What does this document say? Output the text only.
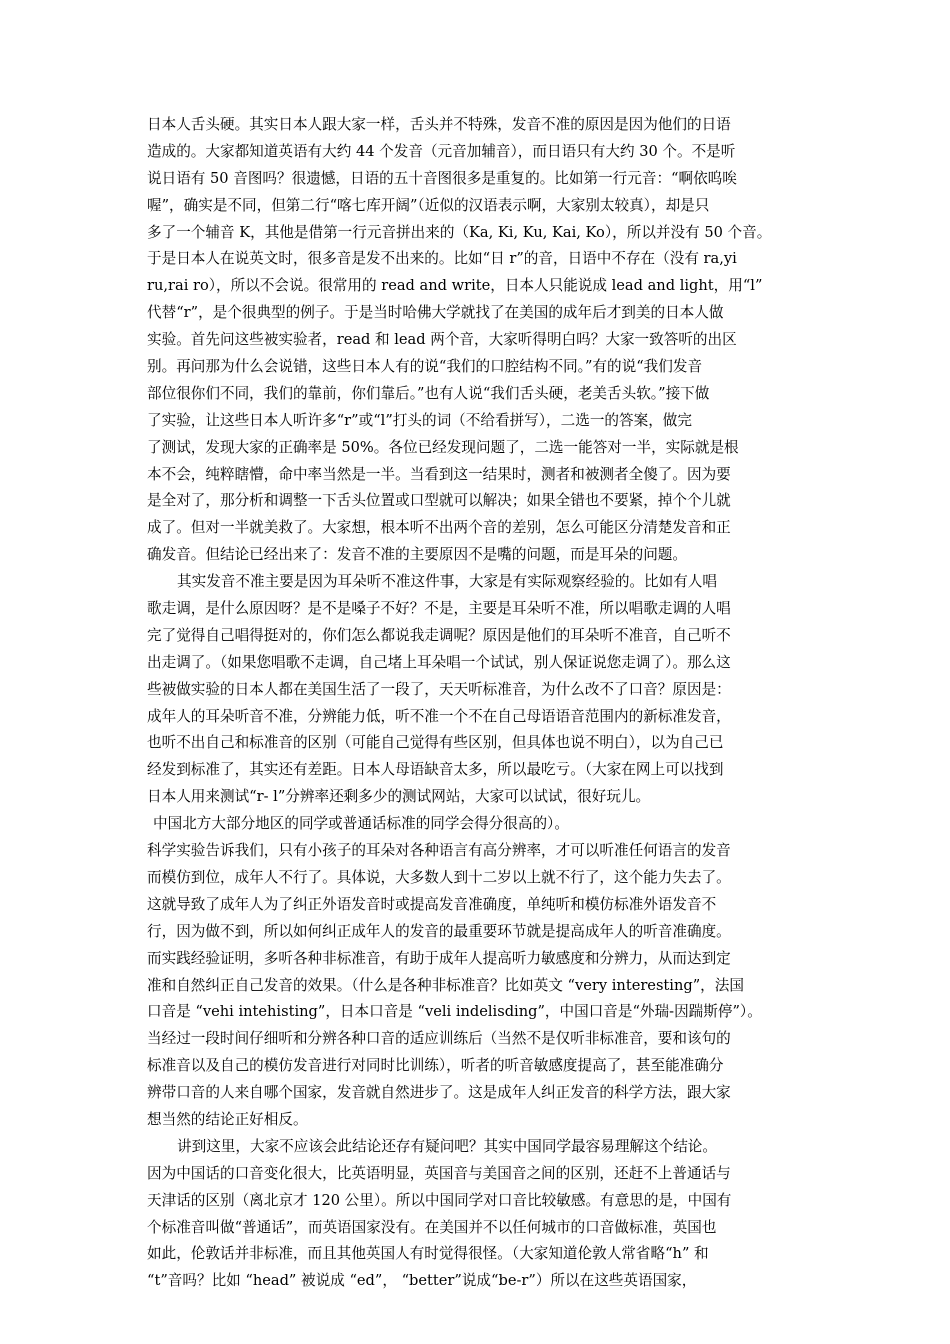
日本人舌头硬。其实日本人跟大家一样，舌头并不特殊，发音不准的原因是因为他们的日语
造成的。大家都知道英语有大约 44 个发音（元音加辅音），而日语只有大约 30 个。不是听
说日语有 50 音图吗？很遗憾，日语的五十音图很多是重复的。比如第一行元音：“啊依呜唉
喔”，确实是不同，但第二行“喀七库开阔”（近似的汉语表示啊，大家别太较真），却是只
多了一个辅音 K，其他是借第一行元音拼出来的（Ka, Ki, Ku, Kai, Ko），所以并没有 50 个音。
于是日本人在说英文时，很多音是发不出来的。比如“日 r”的音，日语中不存在（没有 ra,yi
ru,rai ro），所以不会说。很常用的 read and write，日本人只能说成 lead and light，用“l”
代替“r”，是个很典型的例子。于是当时哈佛大学就找了在美国的成年后才到美的日本人做
实验。首先问这些被实验者，read 和 lead 两个音，大家听得明白吗？大家一致答听的出区
别。再问那为什么会说错，这些日本人有的说“我们的口腔结构不同。”有的说“我们发音
部位很你们不同，我们的靠前，你们靠后。”也有人说“我们舌头硬，老美舌头软。”接下做
了实验，让这些日本人听许多“r”或“l”打头的词（不给看拼写），二选一的答案，做完
了测试，发现大家的正确率是 50%。各位已经发现问题了，二选一能答对一半，实际就是根
本不会，纯粹瞎懵，命中率当然是一半。当看到这一结果时，测者和被测者全傻了。因为要
是全对了，那分析和调整一下舌头位置或口型就可以解决；如果全错也不要紧，掉个个儿就
成了。但对一半就美救了。大家想，根本听不出两个音的差别，怎么可能区分清楚发音和正
确发音。但结论已经出来了：发音不准的主要原因不是嘴的问题，而是耳朵的问题。
其实发音不准主要是因为耳朵听不准这件事，大家是有实际观察经验的。比如有人唱
歌走调，是什么原因呀？是不是嗓子不好？不是，主要是耳朵听不准，所以唱歌走调的人唱
完了觉得自己唱得挺对的，你们怎么都说我走调呢？原因是他们的耳朵听不准音，自己听不
出走调了。（如果您唱歌不走调，自己堵上耳朵唱一个试试，别人保证说您走调了）。那么这
些被做实验的日本人都在美国生活了一段了，天天听标准音，为什么改不了口音？原因是：
成年人的耳朵听音不准，分辨能力低，听不准一个不在自己母语语音范围内的新标准发音，
也听不出自己和标准音的区别（可能自己觉得有些区别，但具体也说不明白），以为自己已
经发到标准了，其实还有差距。日本人母语缺音太多，所以最吃亏。（大家在网上可以找到
日本人用来测试“r- l”分辨率还剩多少的测试网站，大家可以试试，很好玩儿。
中国北方大部分地区的同学或普通话标准的同学会得分很高的）。
科学实验告诉我们，只有小孩子的耳朵对各种语言有高分辨率，才可以听准任何语言的发音
而模仿到位，成年人不行了。具体说，大多数人到十二岁以上就不行了，这个能力失去了。
这就导致了成年人为了纠正外语发音时或提高发音准确度，单纯听和模仿标准外语发音不
行，因为做不到，所以如何纠正成年人的发音的最重要环节就是提高成年人的听音准确度。
而实践经验证明，多听各种非标准音，有助于成年人提高听力敏感度和分辨力，从而达到定
准和自然纠正自己发音的效果。（什么是各种非标准音？比如英文 “very interesting”，法国
口音是 “vehi intehisting”，日本口音是 “veli indelisding”，中国口音是“外瑞-因踹斯停”）。
当经过一段时间仔细听和分辨各种口音的适应训练后（当然不是仅听非标准音，要和该句的
标准音以及自己的模仿发音进行对同时比训练），听者的听音敏感度提高了，甚至能准确分
辨带口音的人来自哪个国家，发音就自然进步了。这是成年人纠正发音的科学方法，跟大家
想当然的结论正好相反。
讲到这里，大家不应该会此结论还存有疑问吧？其实中国同学最容易理解这个结论。
因为中国话的口音变化很大，比英语明显，英国音与美国音之间的区别，还赶不上普通话与
天津话的区别（离北京才 120 公里）。所以中国同学对口音比较敏感。有意思的是，中国有
个标准音叫做“普通话”，而英语国家没有。在美国并不以任何城市的口音做标准，英国也
如此，伦敦话并非标准，而且其他英国人有时觉得很怪。（大家知道伦敦人常省略“h” 和
“t”音吗？比如 “head” 被说成 “ed”， “better”说成“be-r”）所以在这些英语国家，
